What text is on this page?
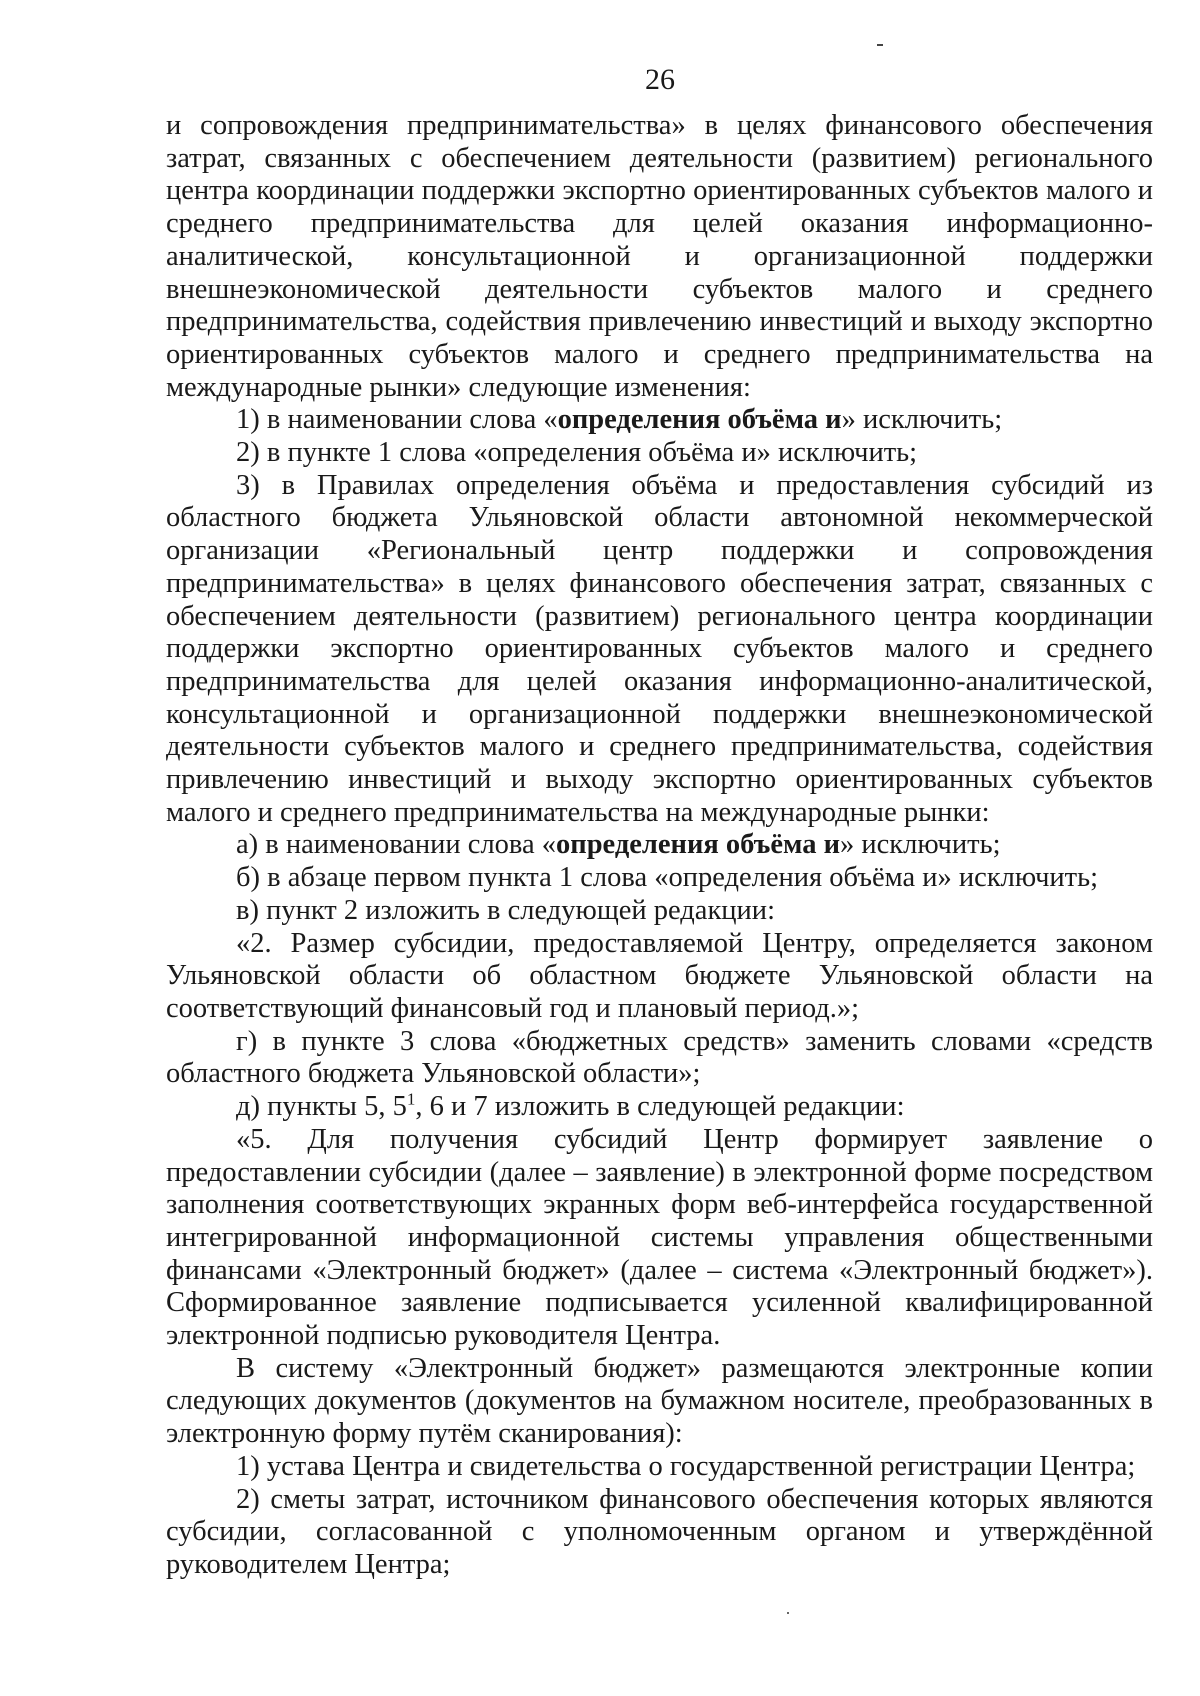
26

и сопровождения предпринимательства» в целях финансового обеспечения затрат, связанных с обеспечением деятельности (развитием) регионального центра координации поддержки экспортно ориентированных субъектов малого и среднего предпринимательства для целей оказания информационно-аналитической, консультационной и организационной поддержки внешнеэкономической деятельности субъектов малого и среднего предпринимательства, содействия привлечению инвестиций и выходу экспортно ориентированных субъектов малого и среднего предпринимательства на международные рынки» следующие изменения:

1) в наименовании слова «определения объёма и» исключить;

2) в пункте 1 слова «определения объёма и» исключить;

3) в Правилах определения объёма и предоставления субсидий из областного бюджета Ульяновской области автономной некоммерческой организации «Региональный центр поддержки и сопровождения предпринимательства» в целях финансового обеспечения затрат, связанных с обеспечением деятельности (развитием) регионального центра координации поддержки экспортно ориентированных субъектов малого и среднего предпринимательства для целей оказания информационно-аналитической, консультационной и организационной поддержки внешнеэкономической деятельности субъектов малого и среднего предпринимательства, содействия привлечению инвестиций и выходу экспортно ориентированных субъектов малого и среднего предпринимательства на международные рынки:

а) в наименовании слова «определения объёма и» исключить;

б) в абзаце первом пункта 1 слова «определения объёма и» исключить;

в) пункт 2 изложить в следующей редакции:

«2. Размер субсидии, предоставляемой Центру, определяется законом Ульяновской области об областном бюджете Ульяновской области на соответствующий финансовый год и плановый период.»;

г) в пункте 3 слова «бюджетных средств» заменить словами «средств областного бюджета Ульяновской области»;

д) пункты 5, $5^1$, 6 и 7 изложить в следующей редакции:

«5. Для получения субсидий Центр формирует заявление о предоставлении субсидии (далее – заявление) в электронной форме посредством заполнения соответствующих экранных форм веб-интерфейса государственной интегрированной информационной системы управления общественными финансами «Электронный бюджет» (далее – система «Электронный бюджет»). Сформированное заявление подписывается усиленной квалифицированной электронной подписью руководителя Центра.

В систему «Электронный бюджет» размещаются электронные копии следующих документов (документов на бумажном носителе, преобразованных в электронную форму путём сканирования):

1) устава Центра и свидетельства о государственной регистрации Центра;

2) сметы затрат, источником финансового обеспечения которых являются субсидии, согласованной с уполномоченным органом и утверждённой руководителем Центра;
